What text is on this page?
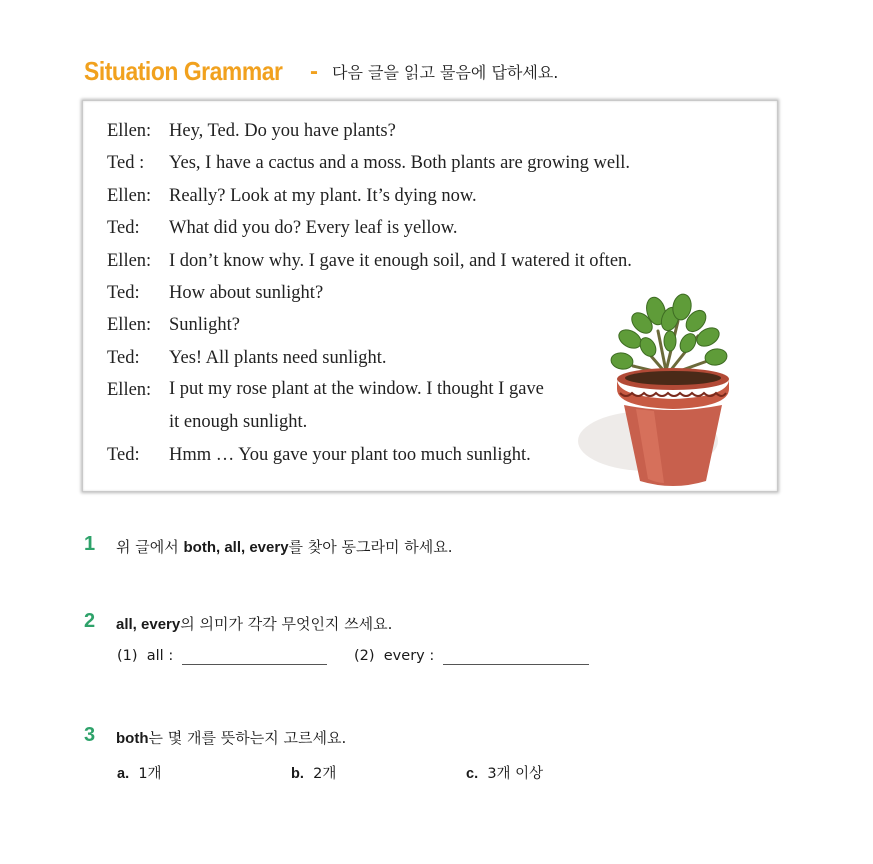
Situation Grammar - 다음 글을 읽고 물음에 답하세요.
Ellen: Hey, Ted. Do you have plants?
Ted :	Yes, I have a cactus and a moss. Both plants are growing well.
Ellen: Really? Look at my plant. It’s dying now.
Ted:	What did you do? Every leaf is yellow.
Ellen: I don’t know why. I gave it enough soil, and I watered it often.
Ted:	How about sunlight?
Ellen: Sunlight?
Ted:	Yes! All plants need sunlight.
Ellen: I put my rose plant at the window. I thought I gave it enough sunlight.
Ted:	Hmm … You gave your plant too much sunlight.
1 위 글에서 both, all, every를 찾아 동그라미 하세요.
2 all, every의 의미가 각각 무엇인지 쓰세요.
(1) all :	(2) every :
3 both는 몇 개를 뜻하는지 고르세요.
a. 1개	b. 2개	c. 3개 이상
